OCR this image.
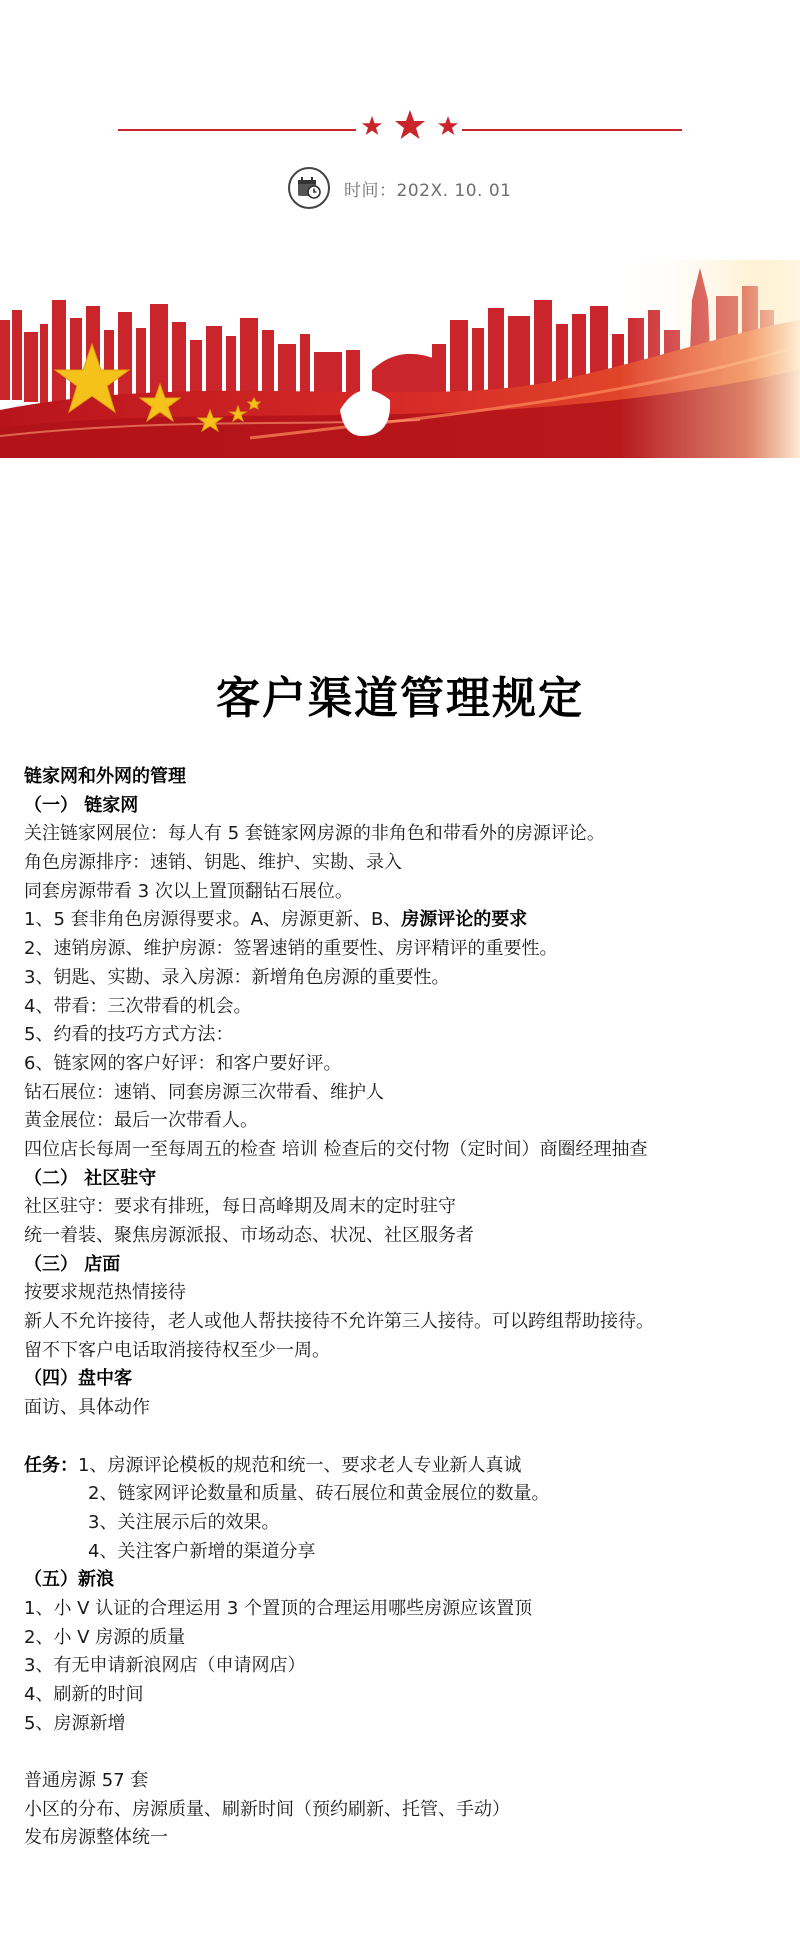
时间：202X. 10. 01
客户渠道管理规定
链家网和外网的管理
（一） 链家网
关注链家网展位：每人有 5 套链家网房源的非角色和带看外的房源评论。
角色房源排序：速销、钥匙、维护、实勘、录入
同套房源带看 3 次以上置顶翻钻石展位。
1、5 套非角色房源得要求。A、房源更新、B、房源评论的要求
2、速销房源、维护房源：签署速销的重要性、房评精评的重要性。
3、钥匙、实勘、录入房源：新增角色房源的重要性。
4、带看：三次带看的机会。
5、约看的技巧方式方法：
6、链家网的客户好评：和客户要好评。
钻石展位：速销、同套房源三次带看、维护人
黄金展位：最后一次带看人。
四位店长每周一至每周五的检查 培训 检查后的交付物（定时间）商圈经理抽查
（二） 社区驻守
社区驻守：要求有排班，每日高峰期及周末的定时驻守
统一着装、聚焦房源派报、市场动态、状况、社区服务者
（三） 店面
按要求规范热情接待
新人不允许接待，老人或他人帮扶接待不允许第三人接待。可以跨组帮助接待。
留不下客户电话取消接待权至少一周。
（四）盘中客
面访、具体动作
任务：1、房源评论模板的规范和统一、要求老人专业新人真诚
2、链家网评论数量和质量、砖石展位和黄金展位的数量。
3、关注展示后的效果。
4、关注客户新增的渠道分享
（五）新浪
1、小 V 认证的合理运用 3 个置顶的合理运用哪些房源应该置顶
2、小 V 房源的质量
3、有无申请新浪网店（申请网店）
4、刷新的时间
5、房源新增
普通房源 57 套
小区的分布、房源质量、刷新时间（预约刷新、托管、手动）
发布房源整体统一
